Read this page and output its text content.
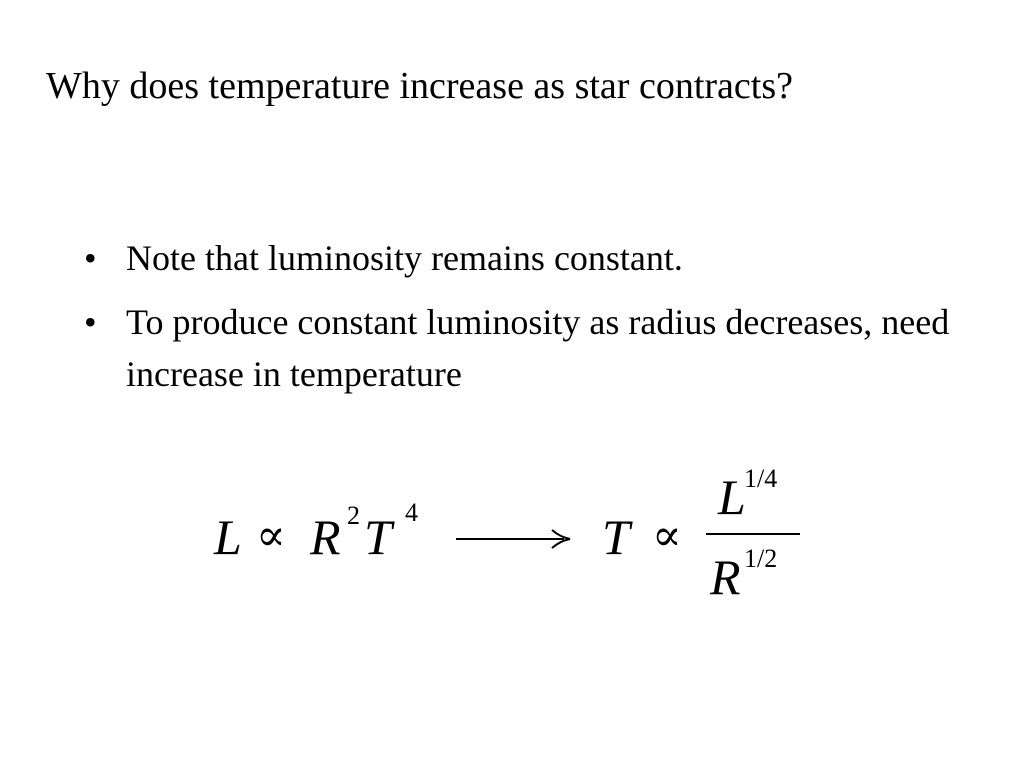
Why does temperature increase as star contracts?
• Note that luminosity remains constant.
• To produce constant luminosity as radius decreases, need increase in temperature
L ∝ R 2 T 4	T ∝
L
1/4
R 1/2
